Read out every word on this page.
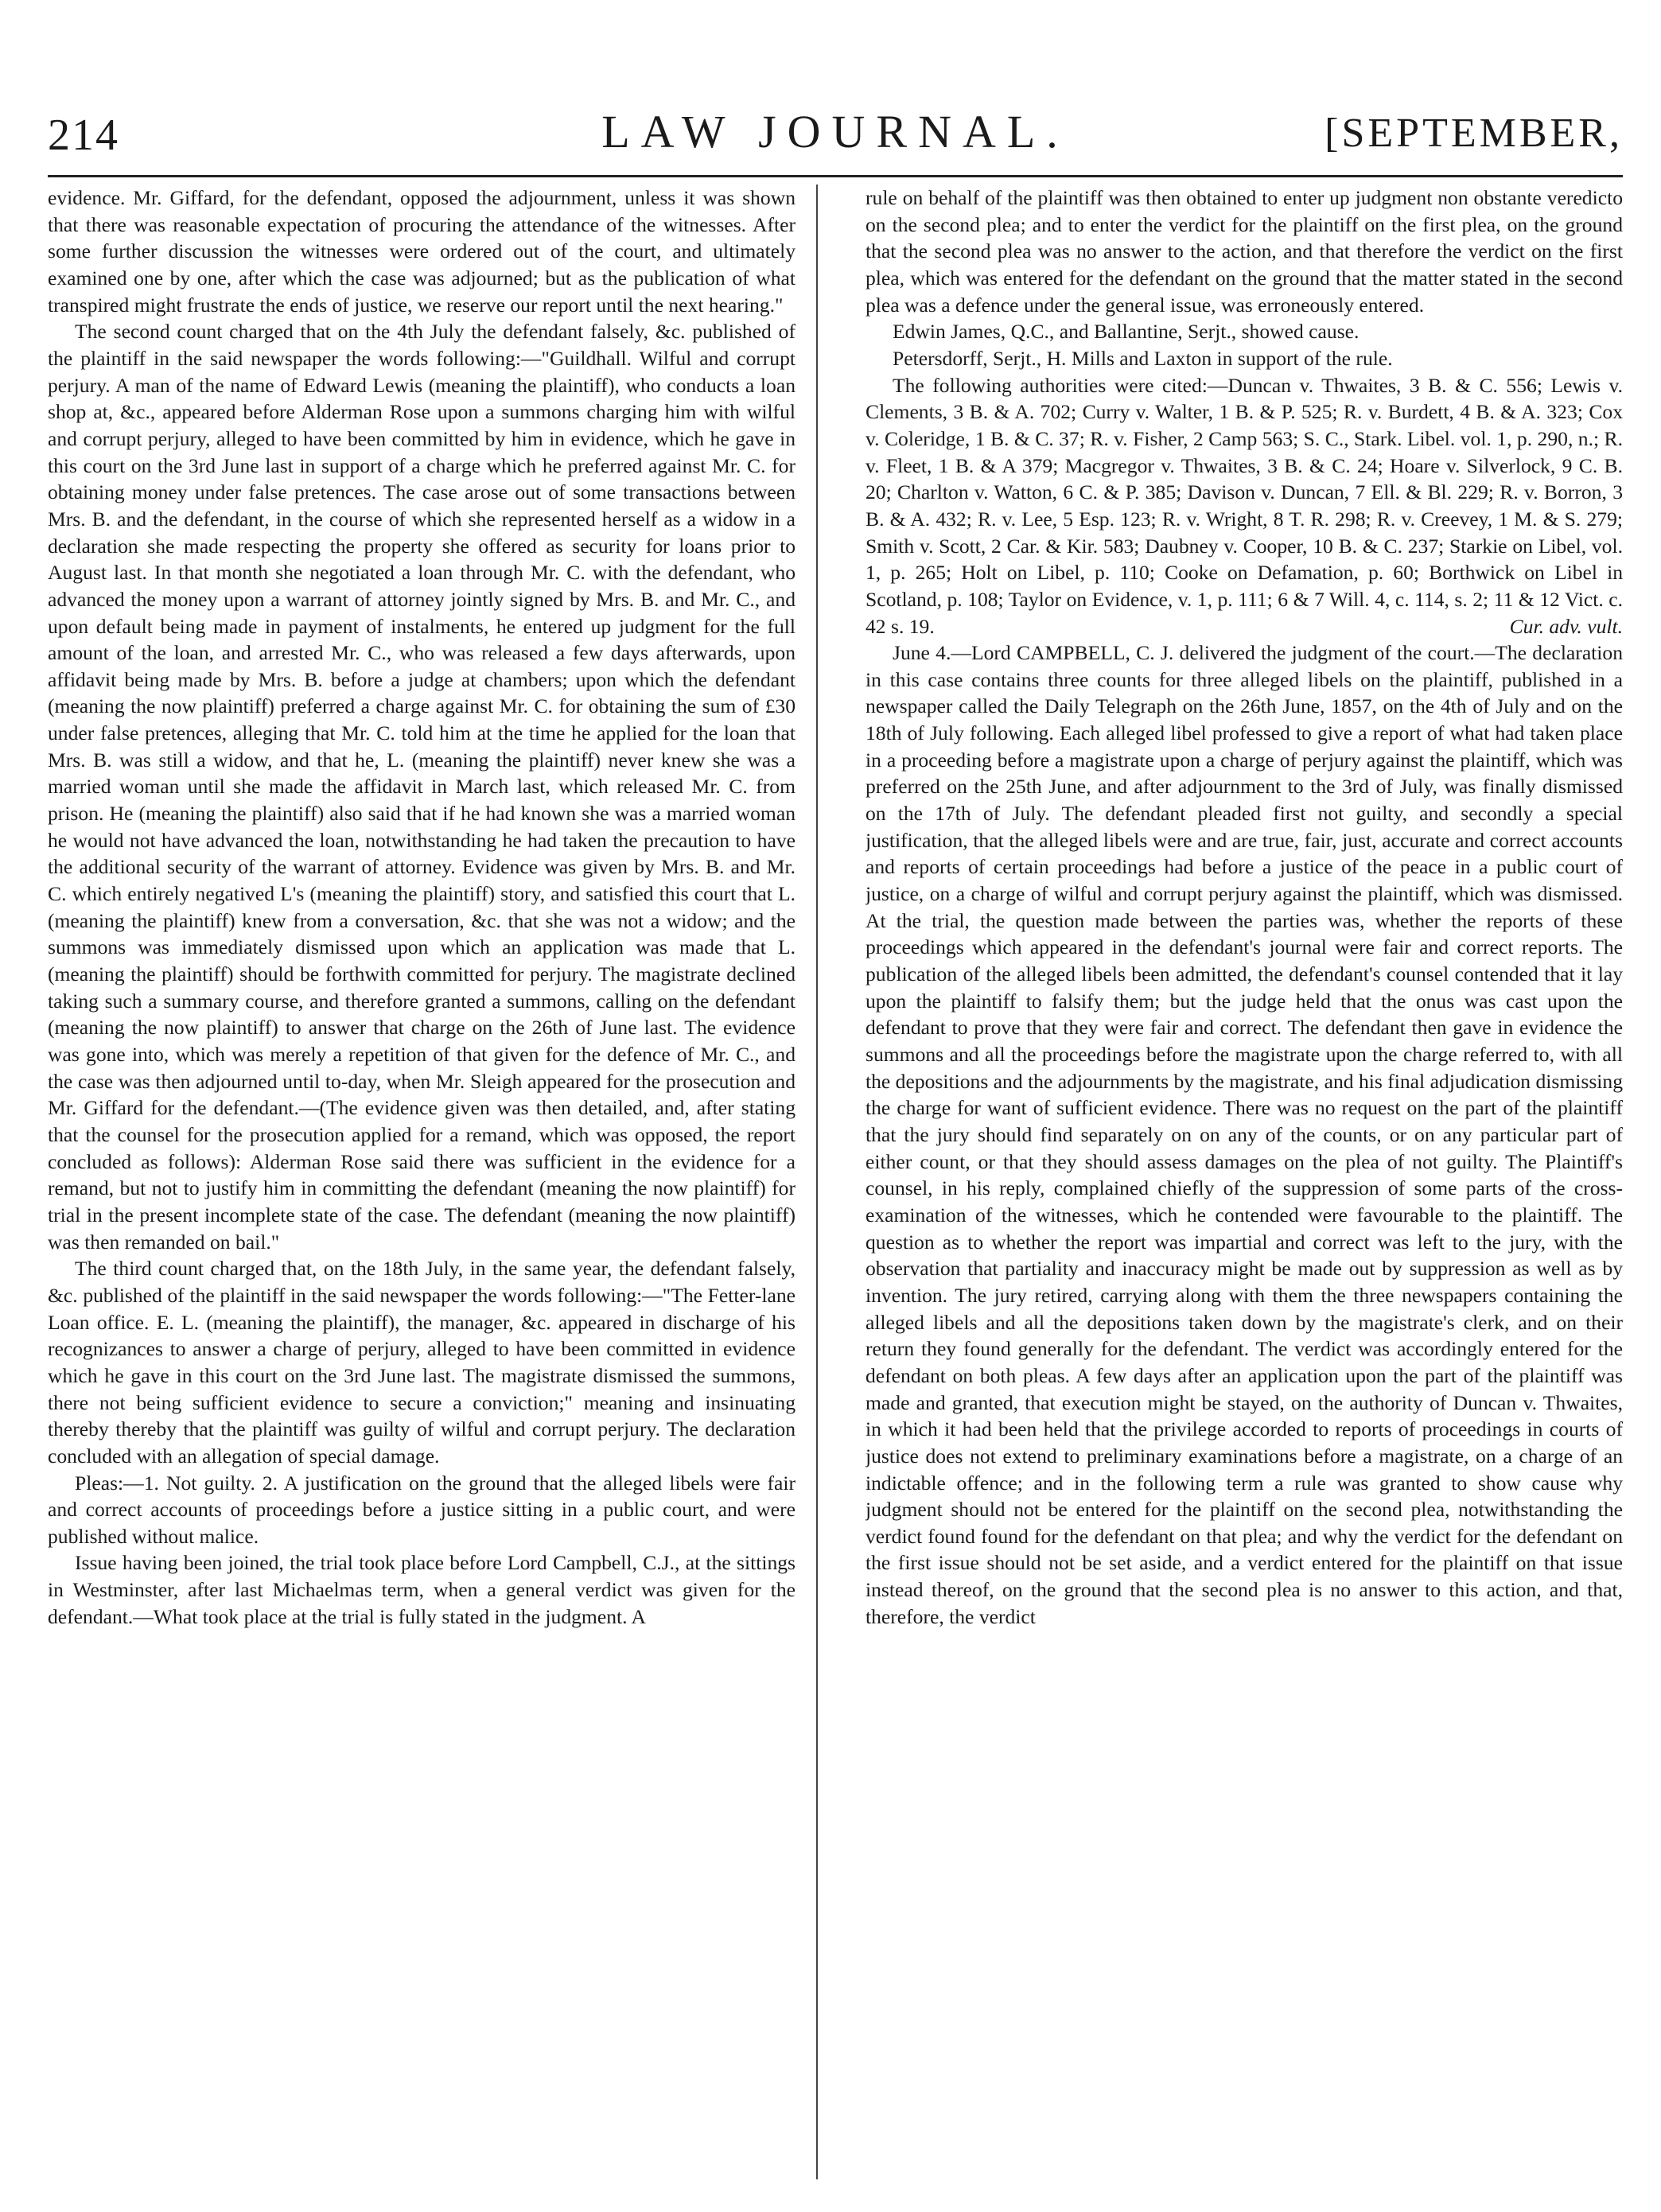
214	LAW JOURNAL.	[SEPTEMBER,

evidence. Mr. Giffard, for the defendant, opposed the adjournment, unless it was shown that there was reasonable expectation of procuring the attendance of the witnesses. After some further discussion the witnesses were ordered out of the court, and ultimately examined one by one, after which the case was adjourned; but as the publication of what transpired might frustrate the ends of justice, we reserve our report until the next hearing."

The second count charged that on the 4th July the defendant falsely, &c. published of the plaintiff in the said newspaper the words following:—"Guildhall. Wilful and corrupt perjury. A man of the name of Edward Lewis (meaning the plaintiff), who conducts a loan shop at, &c., appeared before Alderman Rose upon a summons charging him with wilful and corrupt perjury, alleged to have been committed by him in evidence, which he gave in this court on the 3rd June last in support of a charge which he preferred against Mr. C. for obtaining money under false pretences. The case arose out of some transactions between Mrs. B. and the defendant, in the course of which she represented herself as a widow in a declaration she made respecting the property she offered as security for loans prior to August last. In that month she negotiated a loan through Mr. C. with the defendant, who advanced the money upon a warrant of attorney jointly signed by Mrs. B. and Mr. C., and upon default being made in payment of instalments, he entered up judgment for the full amount of the loan, and arrested Mr. C., who was released a few days afterwards, upon affidavit being made by Mrs. B. before a judge at chambers; upon which the defendant (meaning the now plaintiff) preferred a charge against Mr. C. for obtaining the sum of £30 under false pretences, alleging that Mr. C. told him at the time he applied for the loan that Mrs. B. was still a widow, and that he, L. (meaning the plaintiff) never knew she was a married woman until she made the affidavit in March last, which released Mr. C. from prison. He (meaning the plaintiff) also said that if he had known she was a married woman he would not have advanced the loan, notwithstanding he had taken the precaution to have the additional security of the warrant of attorney. Evidence was given by Mrs. B. and Mr. C. which entirely negatived L's (meaning the plaintiff) story, and satisfied this court that L. (meaning the plaintiff) knew from a conversation, &c. that she was not a widow; and the summons was immediately dismissed upon which an application was made that L. (meaning the plaintiff) should be forthwith committed for perjury. The magistrate declined taking such a summary course, and therefore granted a summons, calling on the defendant (meaning the now plaintiff) to answer that charge on the 26th of June last. The evidence was gone into, which was merely a repetition of that given for the defence of Mr. C., and the case was then adjourned until to-day, when Mr. Sleigh appeared for the prosecution and Mr. Giffard for the defendant.—(The evidence given was then detailed, and, after stating that the counsel for the prosecution applied for a remand, which was opposed, the report concluded as follows): Alderman Rose said there was sufficient in the evidence for a remand, but not to justify him in committing the defendant (meaning the now plaintiff) for trial in the present incomplete state of the case. The defendant (meaning the now plaintiff) was then remanded on bail."

The third count charged that, on the 18th July, in the same year, the defendant falsely, &c. published of the plaintiff in the said newspaper the words following:—"The Fetter-lane Loan office. E. L. (meaning the plaintiff), the manager, &c. appeared in discharge of his recognizances to answer a charge of perjury, alleged to have been committed in evidence which he gave in this court on the 3rd June last. The magistrate dismissed the summons, there not being sufficient evidence to secure a conviction;" meaning and insinuating thereby thereby that the plaintiff was guilty of wilful and corrupt perjury. The declaration concluded with an allegation of special damage.

Pleas:—1. Not guilty. 2. A justification on the ground that the alleged libels were fair and correct accounts of proceedings before a justice sitting in a public court, and were published without malice.

Issue having been joined, the trial took place before Lord Campbell, C.J., at the sittings in Westminster, after last Michaelmas term, when a general verdict was given for the defendant.—What took place at the trial is fully stated in the judgment. A

rule on behalf of the plaintiff was then obtained to enter up judgment non obstante veredicto on the second plea; and to enter the verdict for the plaintiff on the first plea, on the ground that the second plea was no answer to the action, and that therefore the verdict on the first plea, which was entered for the defendant on the ground that the matter stated in the second plea was a defence under the general issue, was erroneously entered.

Edwin James, Q.C., and Ballantine, Serjt., showed cause.

Petersdorff, Serjt., H. Mills and Laxton in support of the rule.

The following authorities were cited:—Duncan v. Thwaites, 3 B. & C. 556; Lewis v. Clements, 3 B. & A. 702; Curry v. Walter, 1 B. & P. 525; R. v. Burdett, 4 B. & A. 323; Cox v. Coleridge, 1 B. & C. 37; R. v. Fisher, 2 Camp 563; S. C., Stark. Libel. vol. 1, p. 290, n.; R. v. Fleet, 1 B. & A 379; Macgregor v. Thwaites, 3 B. & C. 24; Hoare v. Silverlock, 9 C. B. 20; Charlton v. Watton, 6 C. & P. 385; Davison v. Duncan, 7 Ell. & Bl. 229; R. v. Borron, 3 B. & A. 432; R. v. Lee, 5 Esp. 123; R. v. Wright, 8 T. R. 298; R. v. Creevey, 1 M. & S. 279; Smith v. Scott, 2 Car. & Kir. 583; Daubney v. Cooper, 10 B. & C. 237; Starkie on Libel, vol. 1, p. 265; Holt on Libel, p. 110; Cooke on Defamation, p. 60; Borthwick on Libel in Scotland, p. 108; Taylor on Evidence, v. 1, p. 111; 6 & 7 Will. 4, c. 114, s. 2; 11 & 12 Vict. c. 42 s. 19.	Cur. adv. vult.

June 4.—Lord CAMPBELL, C. J. delivered the judgment of the court.—The declaration in this case contains three counts for three alleged libels on the plaintiff, published in a newspaper called the Daily Telegraph on the 26th June, 1857, on the 4th of July and on the 18th of July following. Each alleged libel professed to give a report of what had taken place in a proceeding before a magistrate upon a charge of perjury against the plaintiff, which was preferred on the 25th June, and after adjournment to the 3rd of July, was finally dismissed on the 17th of July. The defendant pleaded first not guilty, and secondly a special justification, that the alleged libels were and are true, fair, just, accurate and correct accounts and reports of certain proceedings had before a justice of the peace in a public court of justice, on a charge of wilful and corrupt perjury against the plaintiff, which was dismissed. At the trial, the question made between the parties was, whether the reports of these proceedings which appeared in the defendant's journal were fair and correct reports. The publication of the alleged libels been admitted, the defendant's counsel contended that it lay upon the plaintiff to falsify them; but the judge held that the onus was cast upon the defendant to prove that they were fair and correct. The defendant then gave in evidence the summons and all the proceedings before the magistrate upon the charge referred to, with all the depositions and the adjournments by the magistrate, and his final adjudication dismissing the charge for want of sufficient evidence. There was no request on the part of the plaintiff that the jury should find separately on on any of the counts, or on any particular part of either count, or that they should assess damages on the plea of not guilty. The Plaintiff's counsel, in his reply, complained chiefly of the suppression of some parts of the cross-examination of the witnesses, which he contended were favourable to the plaintiff. The question as to whether the report was impartial and correct was left to the jury, with the observation that partiality and inaccuracy might be made out by suppression as well as by invention. The jury retired, carrying along with them the three newspapers containing the alleged libels and all the depositions taken down by the magistrate's clerk, and on their return they found generally for the defendant. The verdict was accordingly entered for the defendant on both pleas. A few days after an application upon the part of the plaintiff was made and granted, that execution might be stayed, on the authority of Duncan v. Thwaites, in which it had been held that the privilege accorded to reports of proceedings in courts of justice does not extend to preliminary examinations before a magistrate, on a charge of an indictable offence; and in the following term a rule was granted to show cause why judgment should not be entered for the plaintiff on the second plea, notwithstanding the verdict found found for the defendant on that plea; and why the verdict for the defendant on the first issue should not be set aside, and a verdict entered for the plaintiff on that issue instead thereof, on the ground that the second plea is no answer to this action, and that, therefore, the verdict
